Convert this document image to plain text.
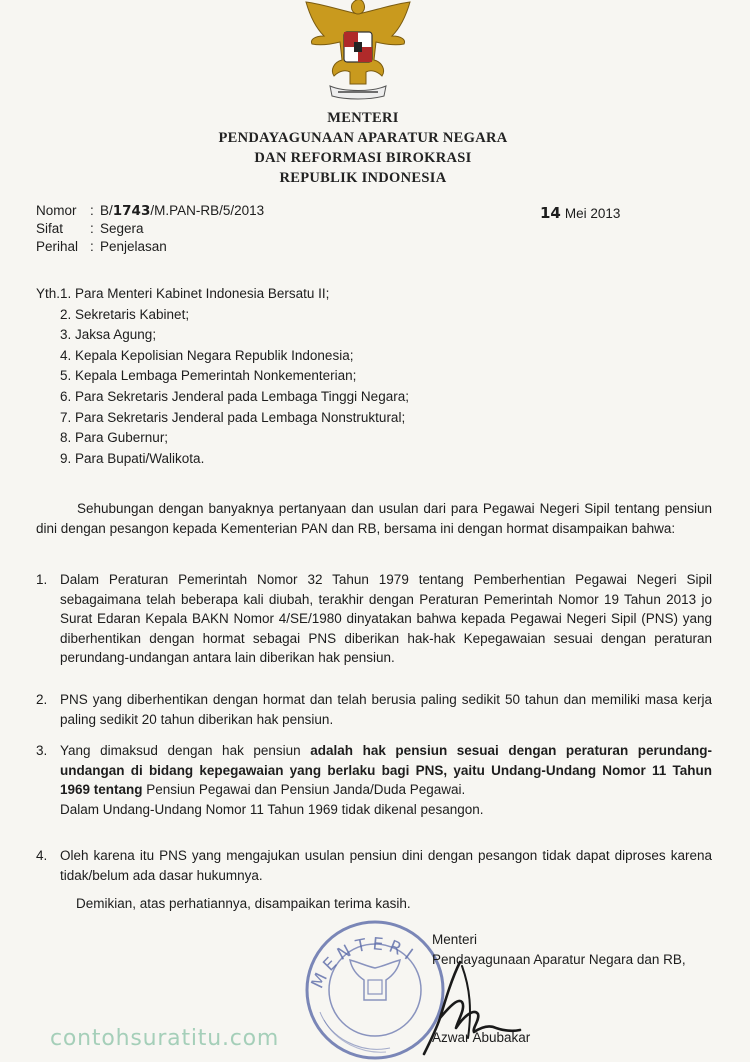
MENTERI
PENDAYAGUNAAN APARATUR NEGARA
DAN REFORMASI BIROKRASI
REPUBLIK INDONESIA
Nomor : B/1743/M.PAN-RB/5/2013
Sifat	: Segera
Perihal : Penjelasan
14 Mei 2013
Yth.1. Para Menteri Kabinet Indonesia Bersatu II;
2. Sekretaris Kabinet;
3. Jaksa Agung;
4. Kepala Kepolisian Negara Republik Indonesia;
5. Kepala Lembaga Pemerintah Nonkementerian;
6. Para Sekretaris Jenderal pada Lembaga Tinggi Negara;
7. Para Sekretaris Jenderal pada Lembaga Nonstruktural;
8. Para Gubernur;
9. Para Bupati/Walikota.
Sehubungan dengan banyaknya pertanyaan dan usulan dari para Pegawai Negeri Sipil tentang pensiun dini dengan pesangon kepada Kementerian PAN dan RB, bersama ini dengan hormat disampaikan bahwa:
1. Dalam Peraturan Pemerintah Nomor 32 Tahun 1979 tentang Pemberhentian Pegawai Negeri Sipil sebagaimana telah beberapa kali diubah, terakhir dengan Peraturan Pemerintah Nomor 19 Tahun 2013 jo Surat Edaran Kepala BAKN Nomor 4/SE/1980 dinyatakan bahwa kepada Pegawai Negeri Sipil (PNS) yang diberhentikan dengan hormat sebagai PNS diberikan hak-hak Kepegawaian sesuai dengan peraturan perundang-undangan antara lain diberikan hak pensiun.
2. PNS yang diberhentikan dengan hormat dan telah berusia paling sedikit 50 tahun dan memiliki masa kerja paling sedikit 20 tahun diberikan hak pensiun.
3. Yang dimaksud dengan hak pensiun adalah hak pensiun sesuai dengan peraturan perundang-undangan di bidang kepegawaian yang berlaku bagi PNS, yaitu Undang-Undang Nomor 11 Tahun 1969 tentang Pensiun Pegawai dan Pensiun Janda/Duda Pegawai.
Dalam Undang-Undang Nomor 11 Tahun 1969 tidak dikenal pesangon.
4. Oleh karena itu PNS yang mengajukan usulan pensiun dini dengan pesangon tidak dapat diproses karena tidak/belum ada dasar hukumnya.
Demikian, atas perhatiannya, disampaikan terima kasih.
MENTERI
Menteri
Pendayagunaan Aparatur Negara dan RB,
Azwar Abubakar
contohsuratitu.com
